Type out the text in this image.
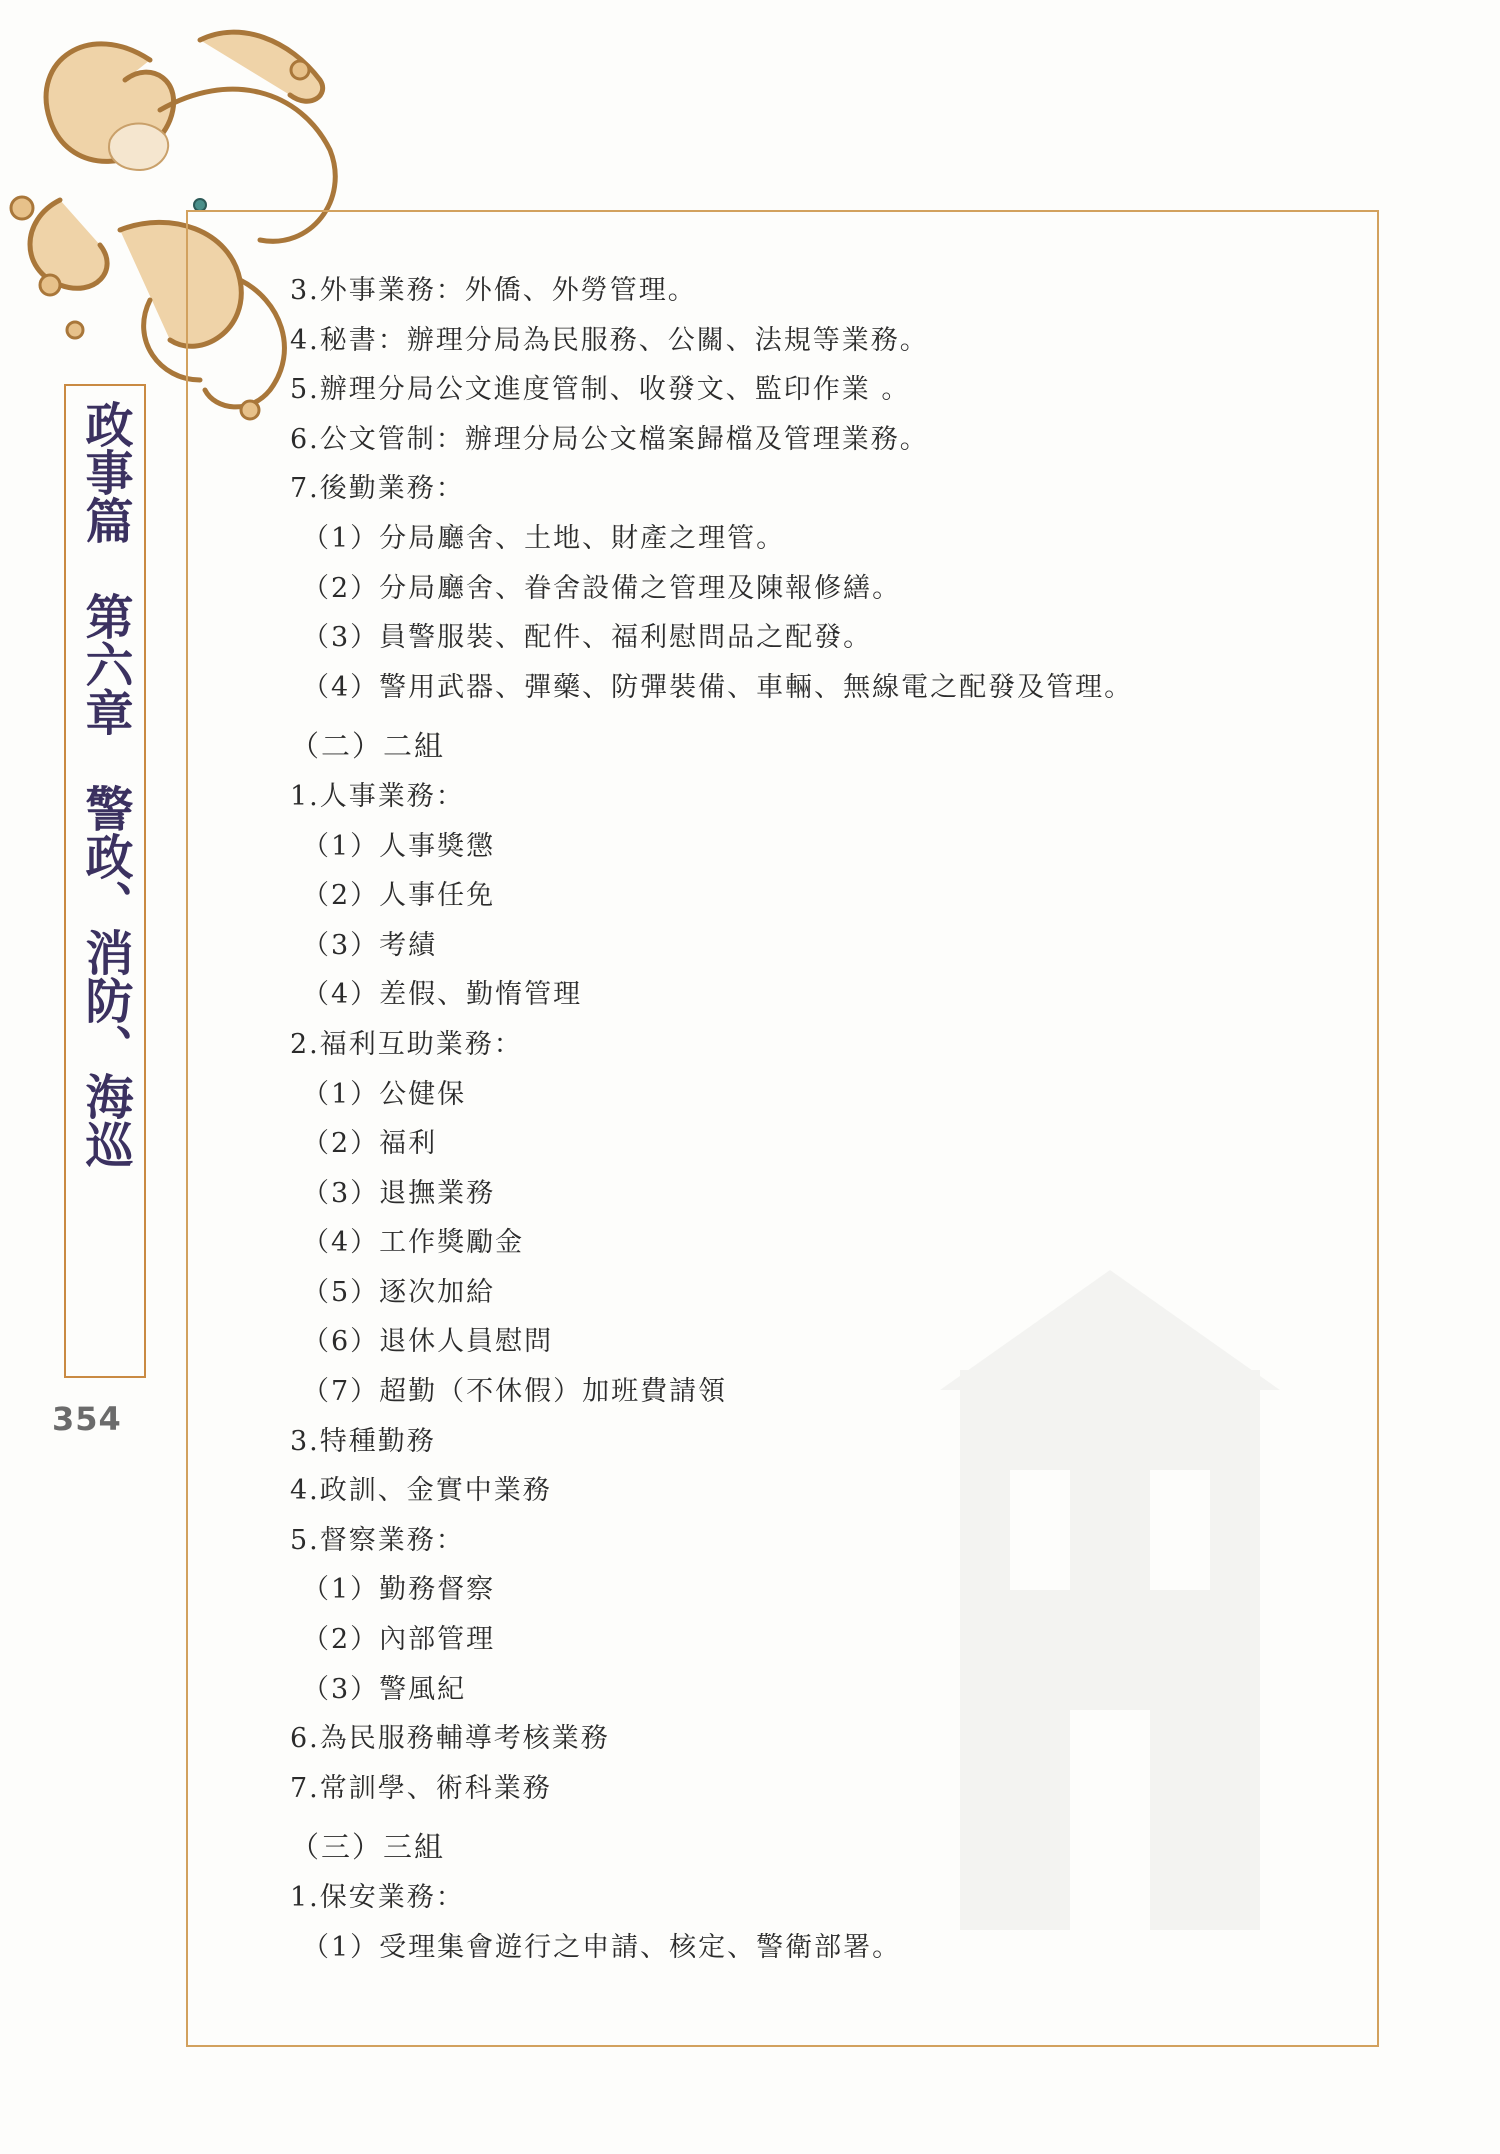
政事篇　第六章　警政、消防、海巡
354
3.外事業務：外僑、外勞管理。
4.秘書：辦理分局為民服務、公關、法規等業務。
5.辦理分局公文進度管制、收發文、監印作業 。
6.公文管制：辦理分局公文檔案歸檔及管理業務。
7.後勤業務：
（1）分局廳舍、土地、財產之理管。
（2）分局廳舍、眷舍設備之管理及陳報修繕。
（3）員警服裝、配件、福利慰問品之配發。
（4）警用武器、彈藥、防彈裝備、車輛、無線電之配發及管理。
（二）二組
1.人事業務：
（1）人事獎懲
（2）人事任免
（3）考績
（4）差假、勤惰管理
2.福利互助業務：
（1）公健保
（2）福利
（3）退撫業務
（4）工作獎勵金
（5）逐次加給
（6）退休人員慰問
（7）超勤（不休假）加班費請領
3.特種勤務
4.政訓、金實中業務
5.督察業務：
（1）勤務督察
（2）內部管理
（3）警風紀
6.為民服務輔導考核業務
7.常訓學、術科業務
（三）三組
1.保安業務：
（1）受理集會遊行之申請、核定、警衛部署。
